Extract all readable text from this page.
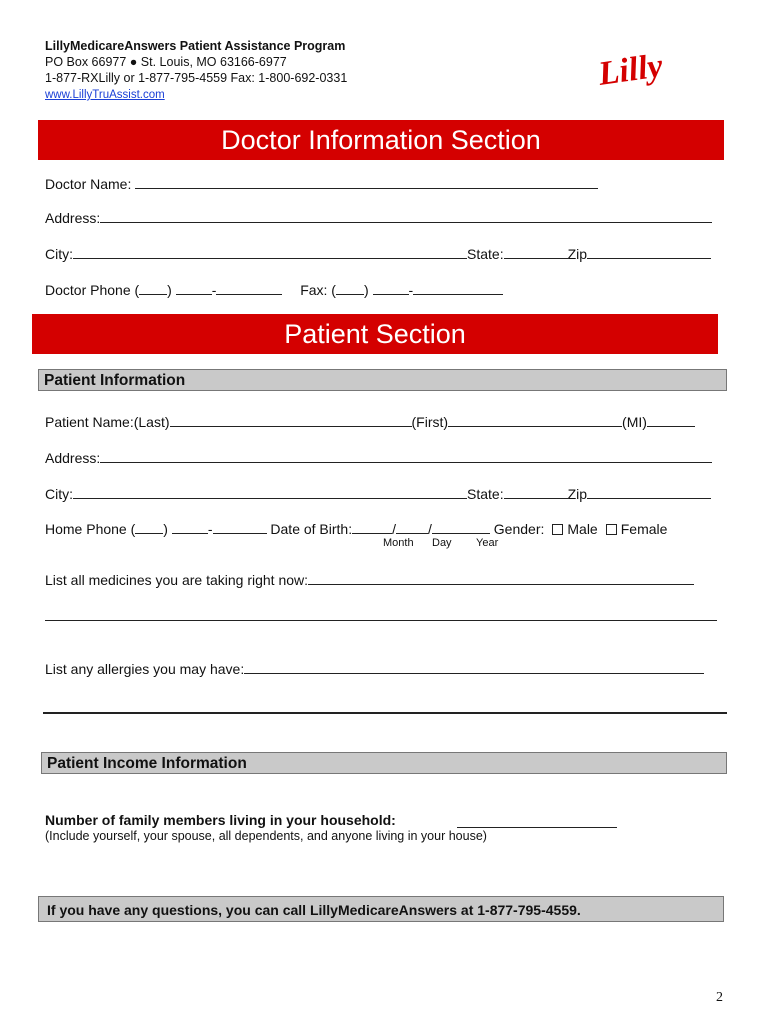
LillyMedicareAnswers Patient Assistance Program
PO Box 66977 ● St. Louis, MO 63166-6977
1-877-RXLilly or 1-877-795-4559 Fax: 1-800-692-0331
www.LillyTruAssist.com
Lilly
Doctor Information Section
Doctor Name:
Address:
City:	State:	Zip
Doctor Phone ( )	-	Fax: ( )	-
Patient Section
Patient Information
Patient Name:(Last)	(First)	(MI)
Address:
City:	State:	Zip
Home Phone ( )	-	Date of Birth:	/ /	Gender: Male Female
Month Day Year
List all medicines you are taking right now:
List any allergies you may have:
Patient Income Information
Number of family members living in your household:
(Include yourself, your spouse, all dependents, and anyone living in your house)
If you have any questions, you can call LillyMedicareAnswers at 1-877-795-4559.
2
